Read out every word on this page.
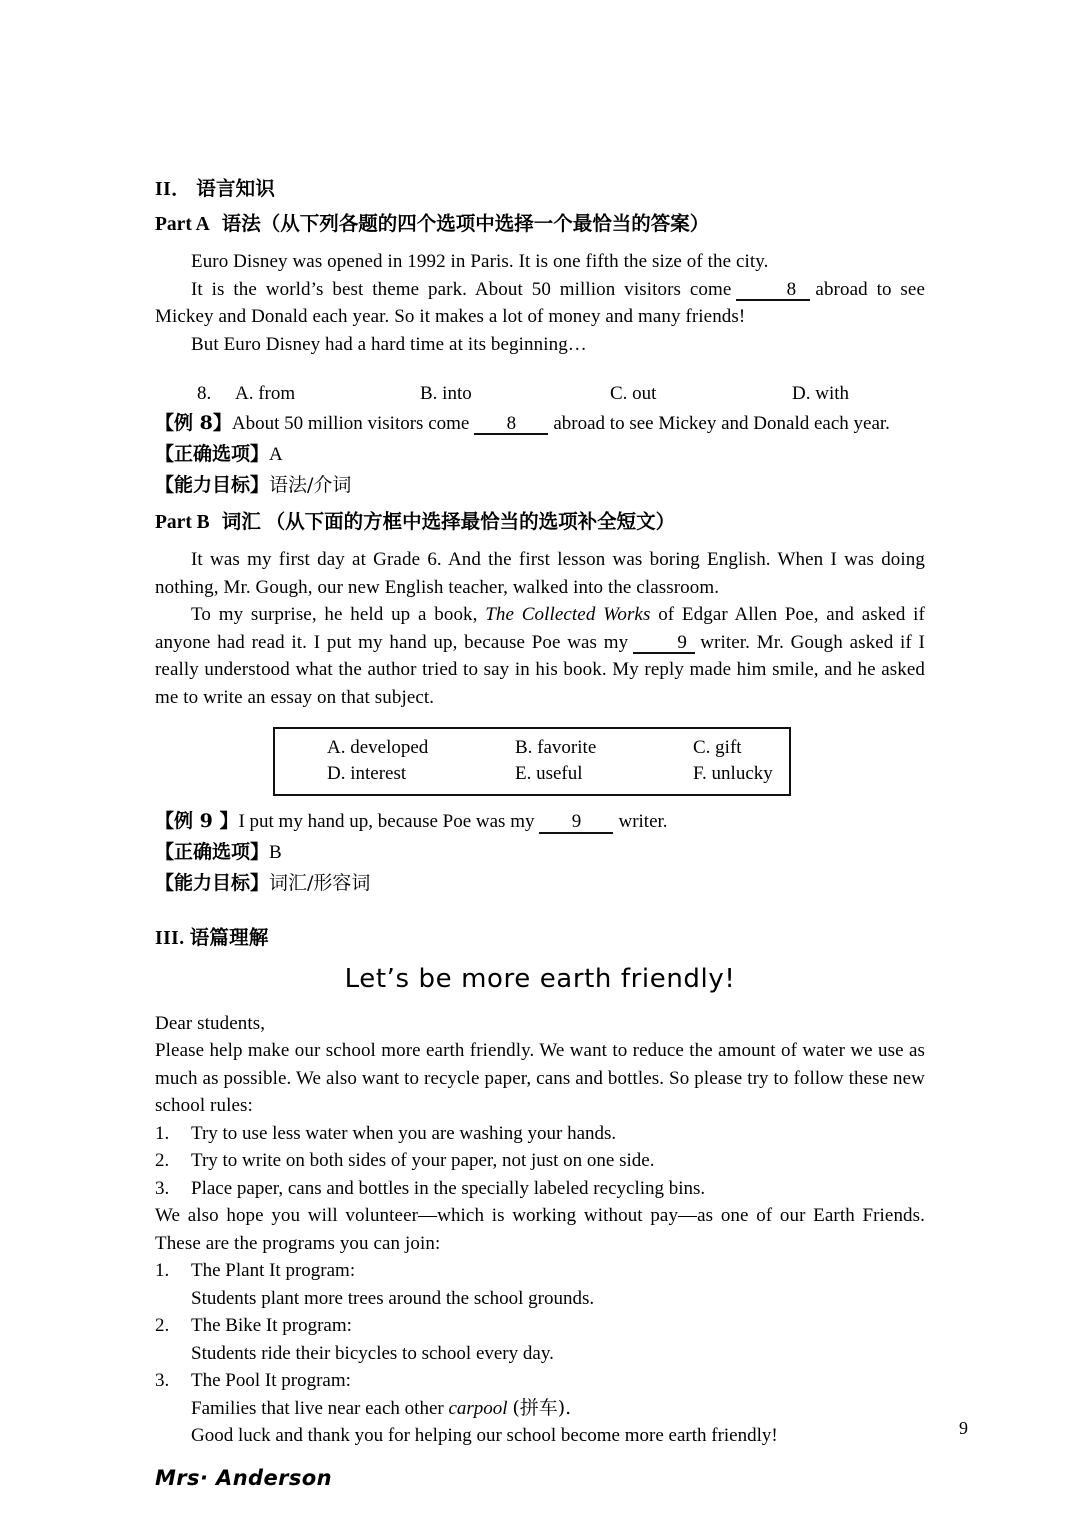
II． 语言知识
Part A 语法（从下列各题的四个选项中选择一个最恰当的答案）

Euro Disney was opened in 1992 in Paris. It is one fifth the size of the city.

It is the world’s best theme park. About 50 million visitors come	8 abroad to see Mickey and Donald each year. So it makes a lot of money and many friends!

But Euro Disney had a hard time at its beginning…

8.	A. from	B. into	C. out	D. with
【例 8】About 50 million visitors come 8 abroad to see Mickey and Donald each year.
【正确选项】A
【能力目标】语法/介词
Part B 词汇 （从下面的方框中选择最恰当的选项补全短文）

It was my first day at Grade 6. And the first lesson was boring English. When I was doing nothing, Mr. Gough, our new English teacher, walked into the classroom.

To my surprise, he held up a book, The Collected Works of Edgar Allen Poe, and asked if anyone had read it. I put my hand up, because Poe was my	9 writer. Mr. Gough asked if I really understood what the author tried to say in his book. My reply made him smile, and he asked me to write an essay on that subject.

A. developed	B. favorite	C. gift
D. interest	E. useful	F. unlucky
【例 9 】I put my hand up, because Poe was my 9 writer.
【正确选项】B
【能力目标】词汇/形容词
III. 语篇理解
Let’s be more earth friendly!

Dear students,

Please help make our school more earth friendly. We want to reduce the amount of water we use as much as possible. We also want to recycle paper, cans and bottles. So please try to follow these new school rules:

1.	Try to use less water when you are washing your hands.
2.	Try to write on both sides of your paper, not just on one side.
3.	Place paper, cans and bottles in the specially labeled recycling bins.

We also hope you will volunteer—which is working without pay—as one of our Earth Friends. These are the programs you can join:

1.	The Plant It program:
Students plant more trees around the school grounds.
2.	The Bike It program:
Students ride their bicycles to school every day.
3.	The Pool It program:
Families that live near each other carpool (拼车).
Good luck and thank you for helping our school become more earth friendly!
Mrs· Anderson
9
